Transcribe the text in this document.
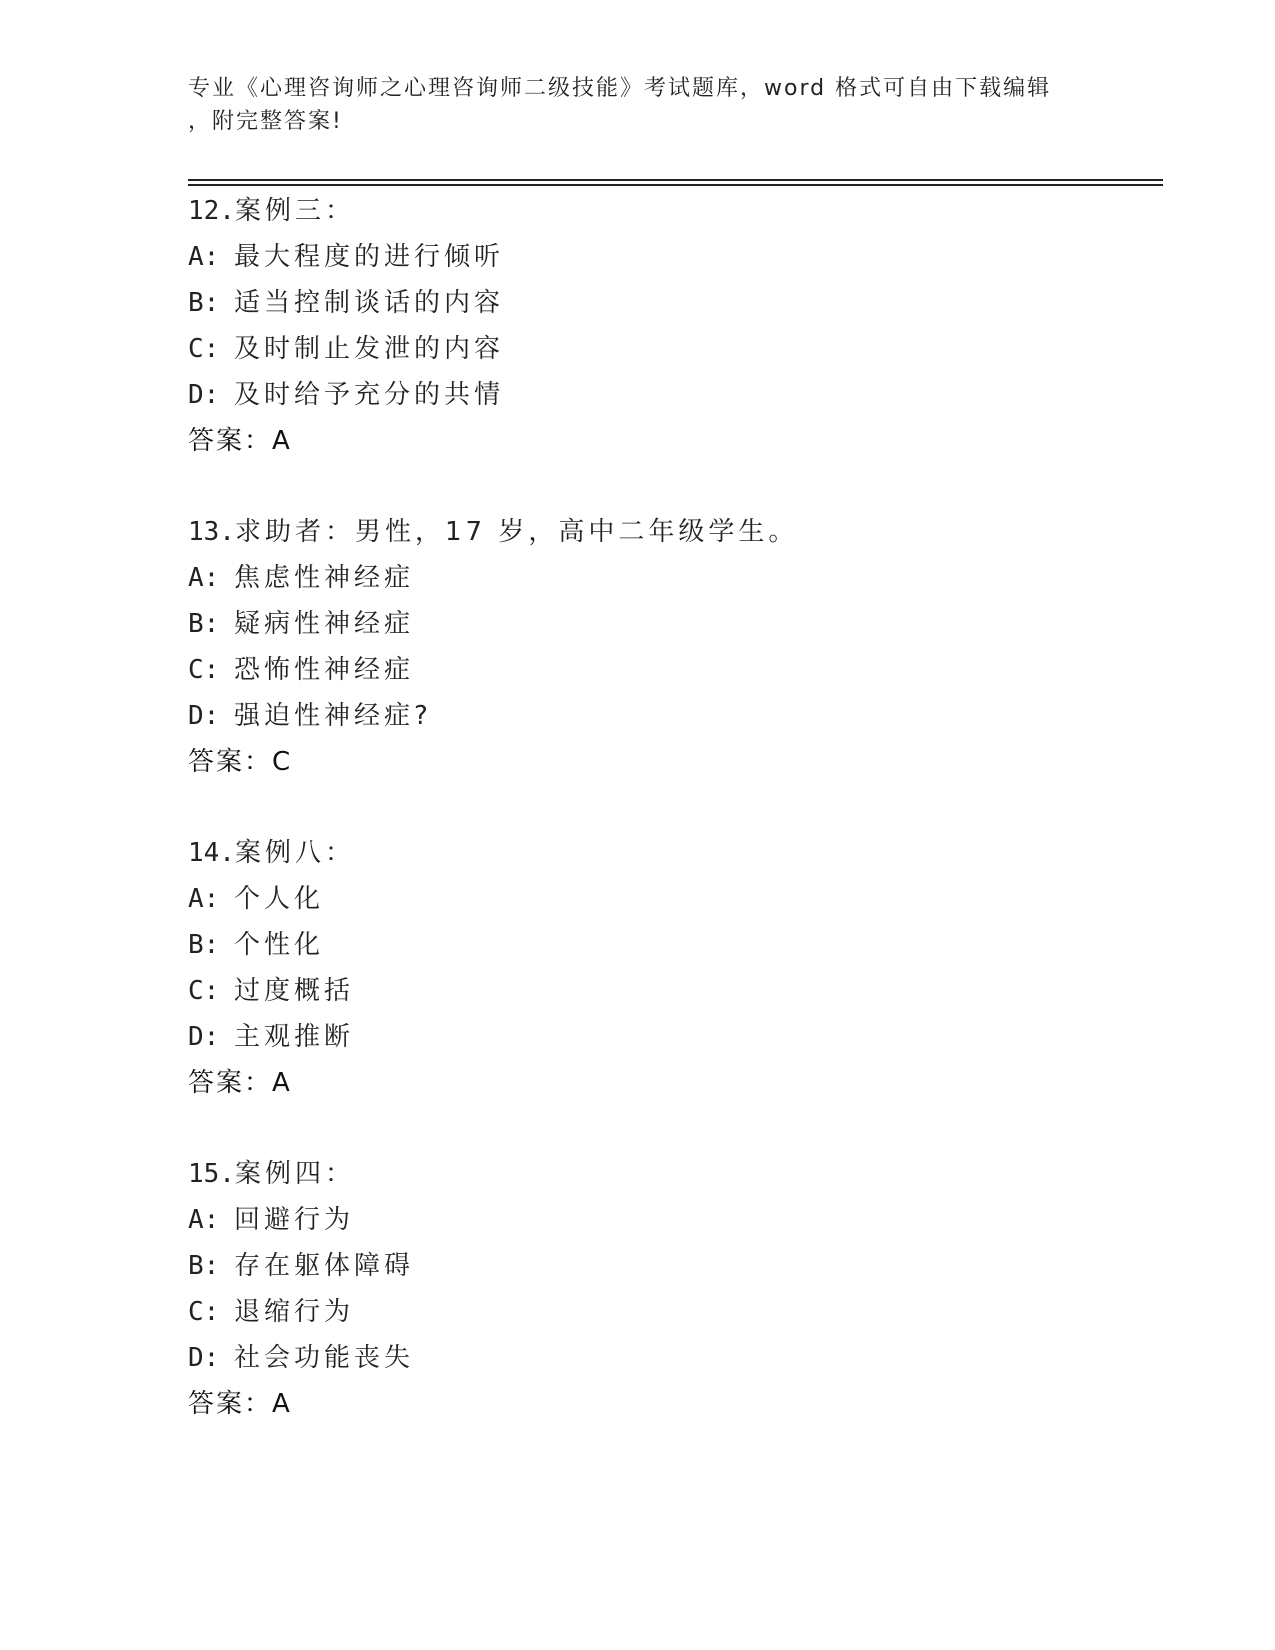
专业《心理咨询师之心理咨询师二级技能》考试题库，word 格式可自由下载编辑
，附完整答案!
12.案例三：
A: 最大程度的进行倾听
B: 适当控制谈话的内容
C: 及时制止发泄的内容
D: 及时给予充分的共情
答案：A
13.求助者：男性，17 岁，高中二年级学生。
A: 焦虑性神经症
B: 疑病性神经症
C: 恐怖性神经症
D: 强迫性神经症?
答案：C
14.案例八：
A: 个人化
B: 个性化
C: 过度概括
D: 主观推断
答案：A
15.案例四：
A: 回避行为
B: 存在躯体障碍
C: 退缩行为
D: 社会功能丧失
答案：A
